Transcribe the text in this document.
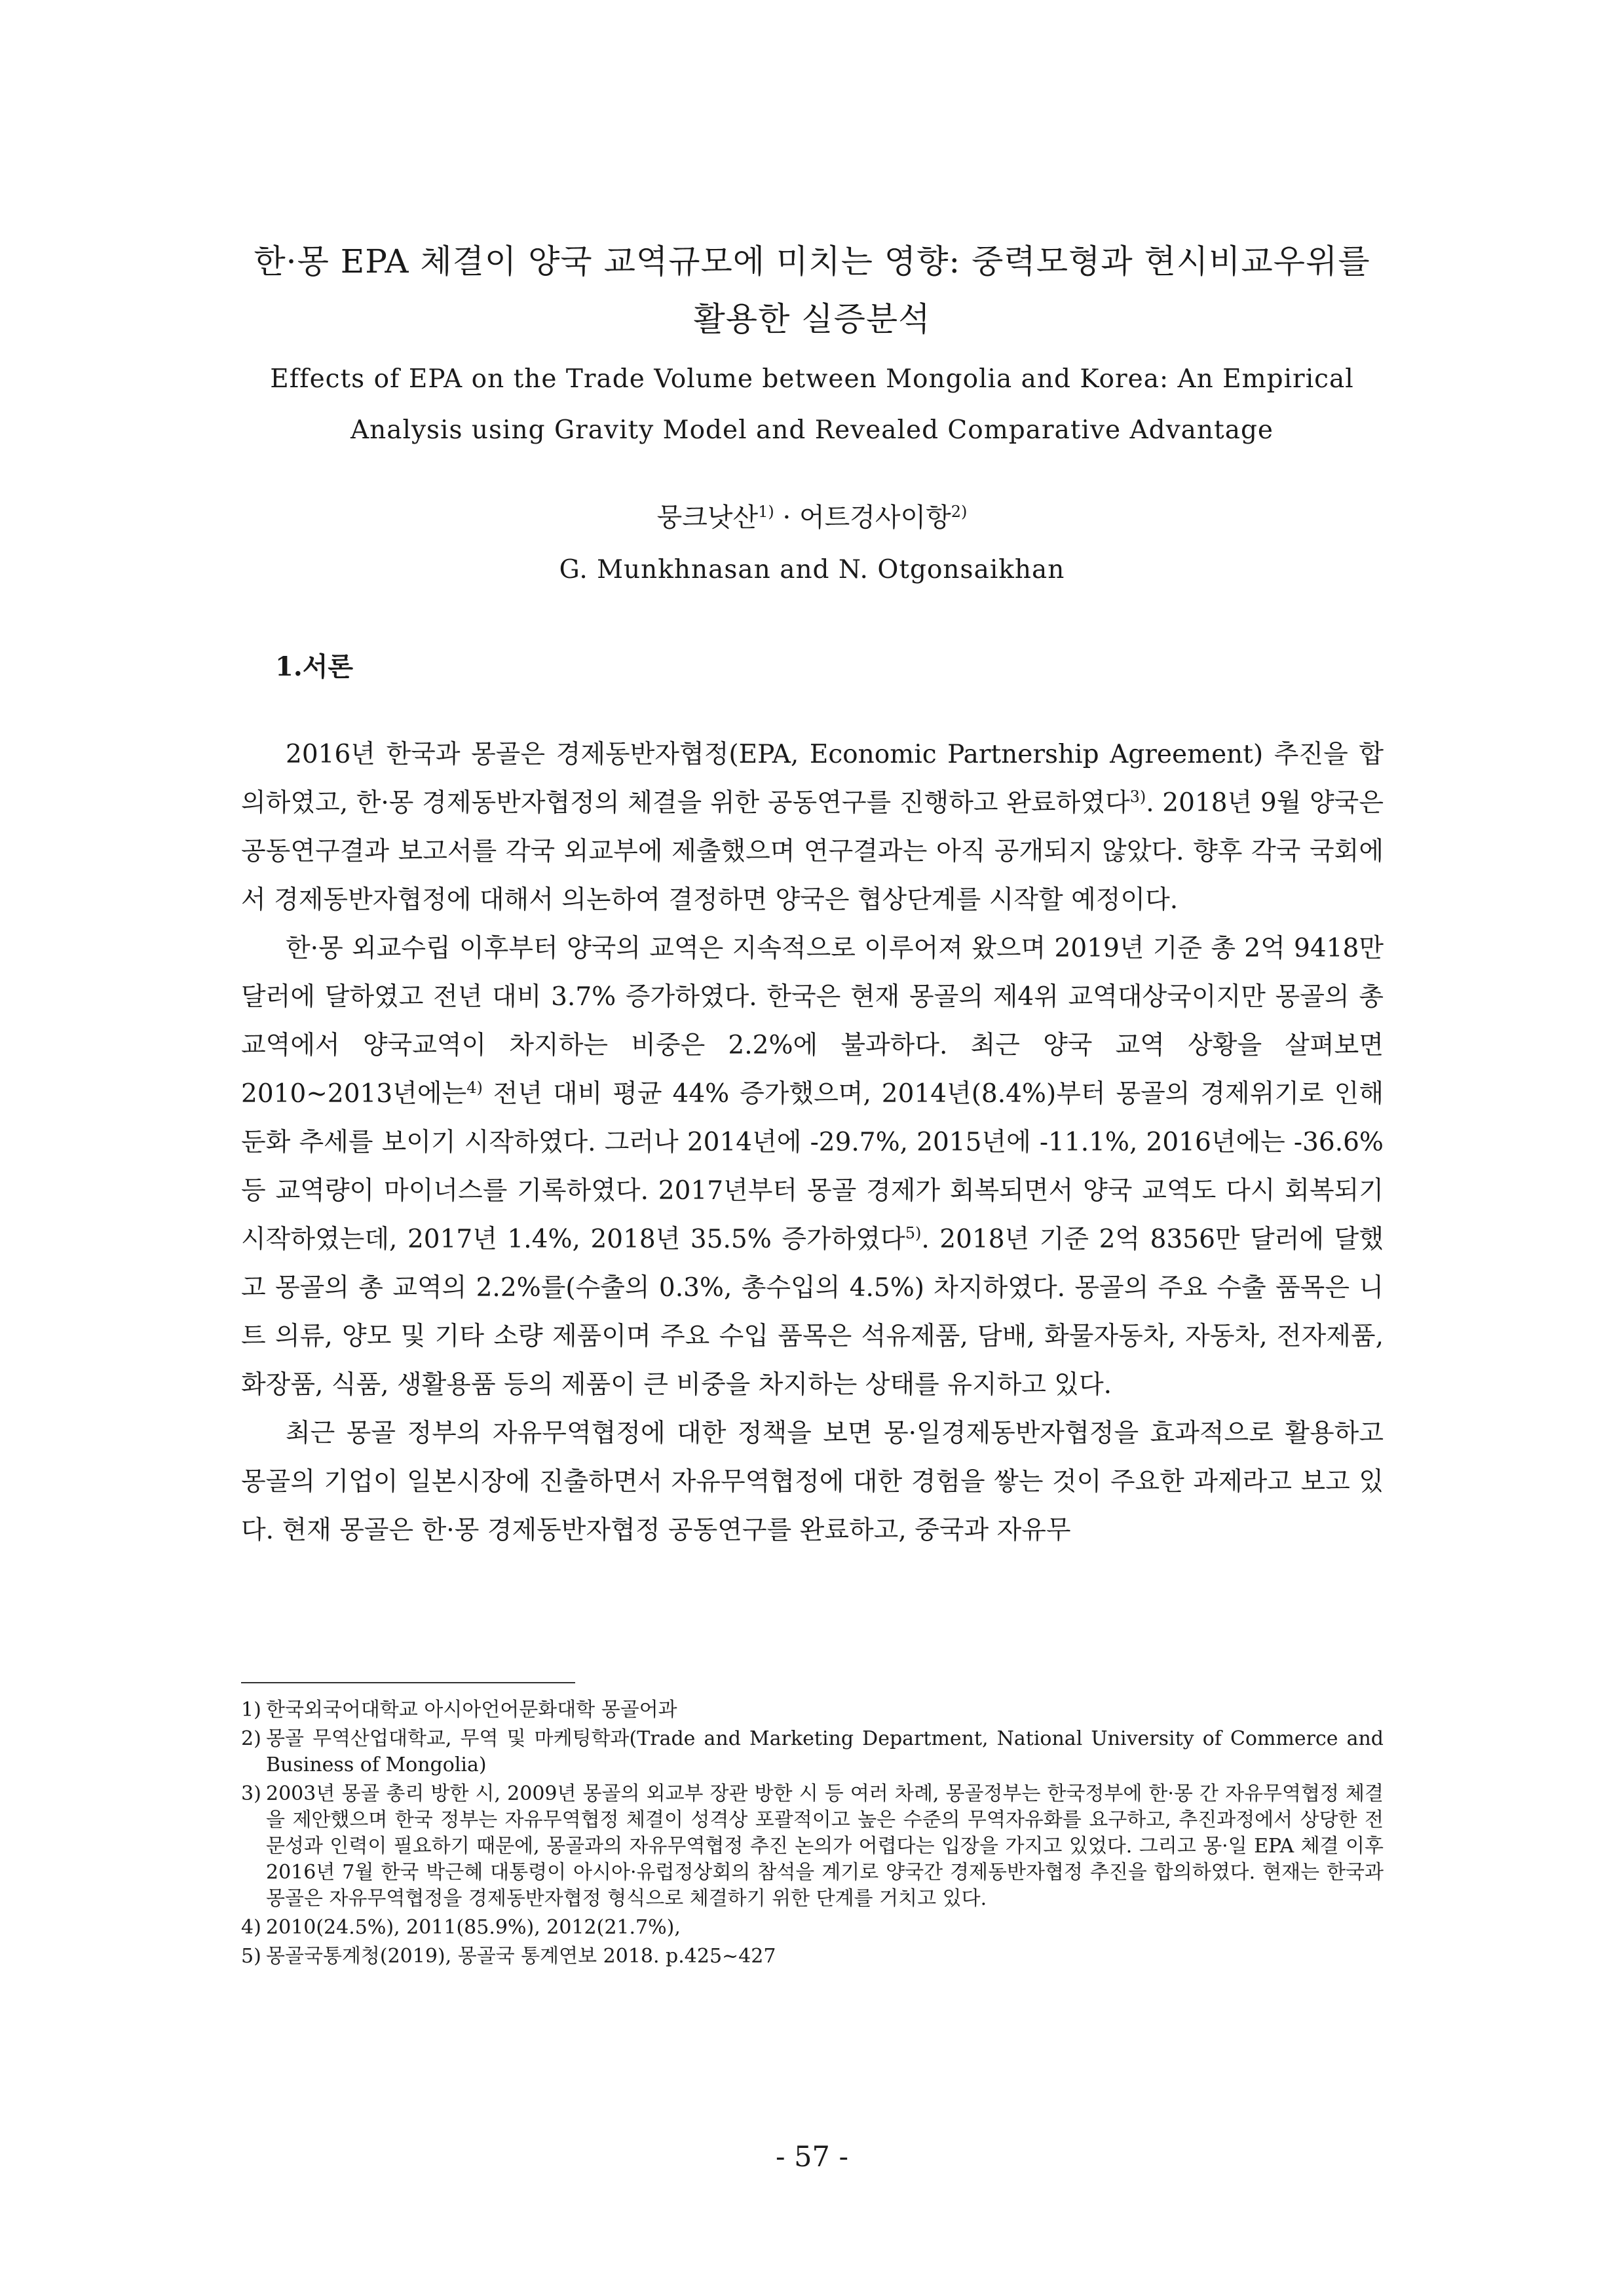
한·몽 EPA 체결이 양국 교역규모에 미치는 영향: 중력모형과 현시비교우위를
활용한 실증분석
Effects of EPA on the Trade Volume between Mongolia and Korea: An Empirical
Analysis using Gravity Model and Revealed Comparative Advantage
뭉크낫산$^{1)}$ · 어트겅사이항$^{2)}$
G. Munkhnasan and N. Otgonsaikhan
1.서론

2016년 한국과 몽골은 경제동반자협정(EPA, Economic Partnership Agreement) 추진을 합의하였고, 한·몽 경제동반자협정의 체결을 위한 공동연구를 진행하고 완료하였다$^{3)}$. 2018년 9월 양국은 공동연구결과 보고서를 각국 외교부에 제출했으며 연구결과는 아직 공개되지 않았다. 향후 각국 국회에서 경제동반자협정에 대해서 의논하여 결정하면 양국은 협상단계를 시작할 예정이다.

한·몽 외교수립 이후부터 양국의 교역은 지속적으로 이루어져 왔으며 2019년 기준 총 2억 9418만 달러에 달하였고 전년 대비 3.7% 증가하였다. 한국은 현재 몽골의 제4위 교역대상국이지만 몽골의 총 교역에서 양국교역이 차지하는 비중은 2.2%에 불과하다. 최근 양국 교역 상황을 살펴보면 2010~2013년에는$^{4)}$ 전년 대비 평균 44% 증가했으며, 2014년(8.4%)부터 몽골의 경제위기로 인해 둔화 추세를 보이기 시작하였다. 그러나 2014년에 -29.7%, 2015년에 -11.1%, 2016년에는 -36.6% 등 교역량이 마이너스를 기록하였다. 2017년부터 몽골 경제가 회복되면서 양국 교역도 다시 회복되기 시작하였는데, 2017년 1.4%, 2018년 35.5% 증가하였다$^{5)}$. 2018년 기준 2억 8356만 달러에 달했고 몽골의 총 교역의 2.2%를(수출의 0.3%, 총수입의 4.5%) 차지하였다. 몽골의 주요 수출 품목은 니트 의류, 양모 및 기타 소량 제품이며 주요 수입 품목은 석유제품, 담배, 화물자동차, 자동차, 전자제품, 화장품, 식품, 생활용품 등의 제품이 큰 비중을 차지하는 상태를 유지하고 있다.

최근 몽골 정부의 자유무역협정에 대한 정책을 보면 몽·일경제동반자협정을 효과적으로 활용하고 몽골의 기업이 일본시장에 진출하면서 자유무역협정에 대한 경험을 쌓는 것이 주요한 과제라고 보고 있다. 현재 몽골은 한·몽 경제동반자협정 공동연구를 완료하고, 중국과 자유무

1) 한국외국어대학교 아시아언어문화대학 몽골어과
2) 몽골 무역산업대학교, 무역 및 마케팅학과(Trade and Marketing Department, National University of Commerce and Business of Mongolia)
3) 2003년 몽골 총리 방한 시, 2009년 몽골의 외교부 장관 방한 시 등 여러 차례, 몽골정부는 한국정부에 한·몽 간 자유무역협정 체결을 제안했으며 한국 정부는 자유무역협정 체결이 성격상 포괄적이고 높은 수준의 무역자유화를 요구하고, 추진과정에서 상당한 전문성과 인력이 필요하기 때문에, 몽골과의 자유무역협정 추진 논의가 어렵다는 입장을 가지고 있었다. 그리고 몽·일 EPA 체결 이후 2016년 7월 한국 박근혜 대통령이 아시아·유럽정상회의 참석을 계기로 양국간 경제동반자협정 추진을 합의하였다. 현재는 한국과 몽골은 자유무역협정을 경제동반자협정 형식으로 체결하기 위한 단계를 거치고 있다.
4) 2010(24.5%), 2011(85.9%), 2012(21.7%),
5) 몽골국통계청(2019), 몽골국 통계연보 2018. p.425~427
- 57 -
